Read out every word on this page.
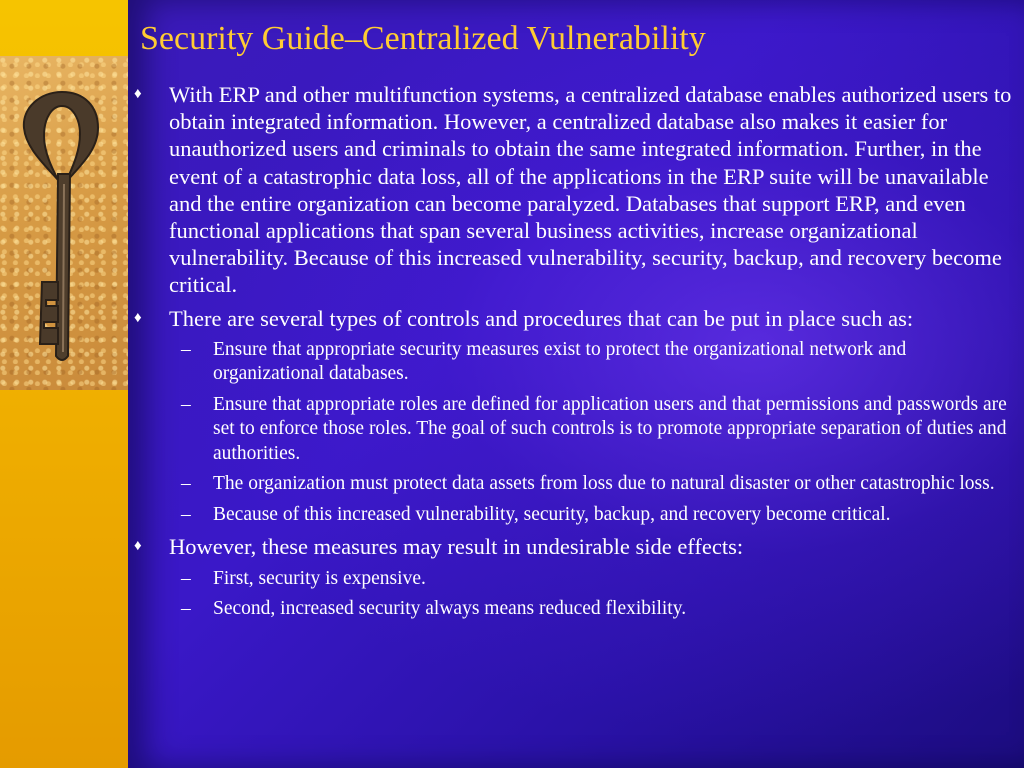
Security Guide–Centralized Vulnerability
♦ With ERP and other multifunction systems, a centralized database enables authorized users to obtain integrated information. However, a centralized database also makes it easier for unauthorized users and criminals to obtain the same integrated information. Further, in the event of a catastrophic data loss, all of the applications in the ERP suite will be unavailable and the entire organization can become paralyzed. Databases that support ERP, and even functional applications that span several business activities, increase organizational vulnerability. Because of this increased vulnerability, security, backup, and recovery become critical.
♦ There are several types of controls and procedures that can be put in place such as:
– Ensure that appropriate security measures exist to protect the organizational network and organizational databases.
– Ensure that appropriate roles are defined for application users and that permissions and passwords are set to enforce those roles. The goal of such controls is to promote appropriate separation of duties and authorities.
– The organization must protect data assets from loss due to natural disaster or other catastrophic loss.
– Because of this increased vulnerability, security, backup, and recovery become critical.
♦ However, these measures may result in undesirable side effects:
– First, security is expensive.
– Second, increased security always means reduced flexibility.
